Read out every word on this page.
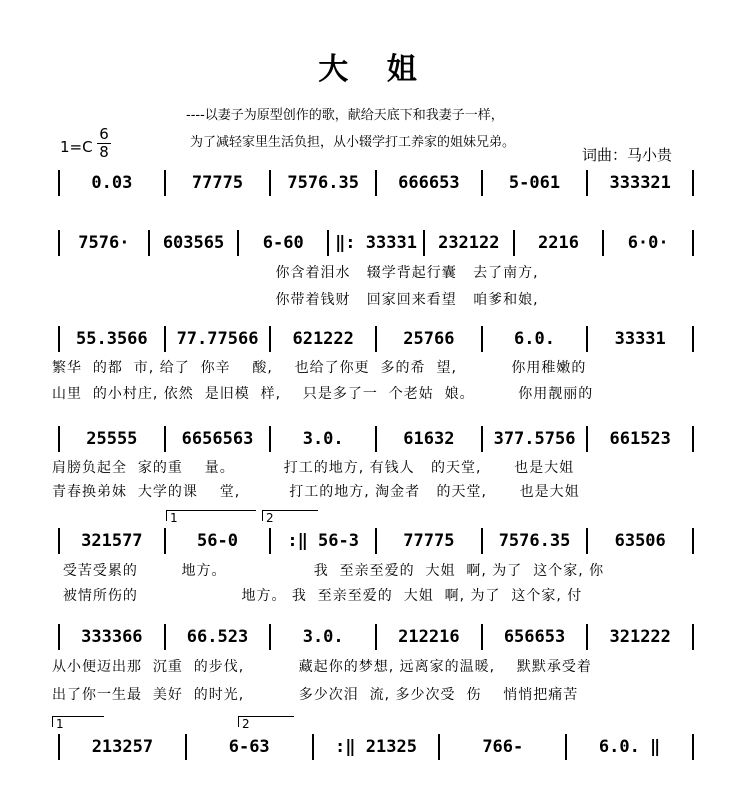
大 姐
----以妻子为原型创作的歌，献给天底下和我妻子一样，
为了减轻家里生活负担，从小辍学打工养家的姐妹兄弟。
$1=C \frac{6}{8}$	词曲：马小贵
1	2
1	2
0.03	77775	7576.35	666653	5-061	333321
你含着泪水   辍学背起行囊   去了南方,
你带着钱财   回家回来看望   咱爹和娘,
7576·	603565	6-60	‖: 33331	232122	2216	6·0·
55.3566	77.77566	621222	25766	6.0.	33331
繁华  的都  市, 给了  你辛    酸,    也给了你更  多的希  望,          你用稚嫩的
山里  的小村庄, 依然  是旧模  样,    只是多了一  个老姑  娘。        你用靓丽的
25555	6656563	3.0.	61632	377.5756	661523
肩膀负起全  家的重    量。         打工的地方, 有钱人   的天堂,      也是大姐
青春换弟妹  大学的课    堂,         打工的地方, 淘金者   的天堂,      也是大姐
321577	56-0	:‖ 56-3	77775	7576.35	63506
受苦受累的        地方。                我  至亲至爱的  大姐  啊, 为了  这个家, 你
被情所伤的                   地方。 我  至亲至爱的  大姐  啊, 为了  这个家, 付
333366	66.523	3.0.	212216	656653	321222
从小便迈出那  沉重  的步伐,          藏起你的梦想, 远离家的温暖,    默默承受着
出了你一生最  美好  的时光,          多少次泪  流, 多少次受  伤    悄悄把痛苦
213257	6-63	:‖ 21325	766-	6.0. ‖
